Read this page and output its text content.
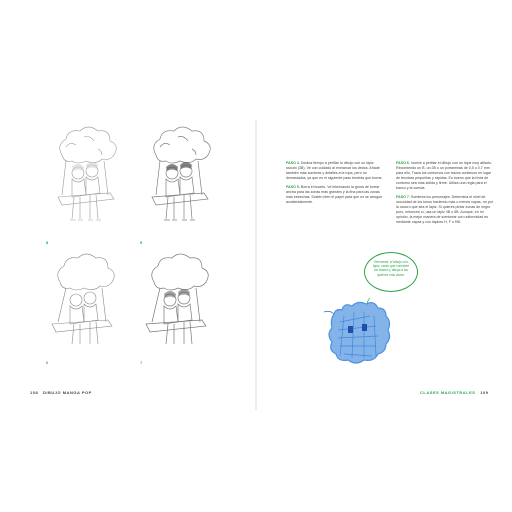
8	9
6	7

PASO 4. Dedica tiempo a perfilar tu dibujo con un lápiz oscuro (3B). Ve con cuidado al enmarcar los dedos. Añade también más sombras y detalles a la ropa, pero no demasiados, ya que en el siguiente paso tendrás que borrar.

PASO 5. Borra el boceto. Ve intensando la goma de borrar ancha para las zonas más grandes y la fina para las zonas más estrechas. Sostén bien el papel para que no se arrugue accidentalmente.

PASO 6. Vuelve a perfilar el dibujo con un lápiz muy afilado. Recomiendo un B, un 2B o un portaminas de 0,5 o 0,7 mm para ello. Traza los contornos con trazos continuos en lugar de tecnicas pequeñas y rápidas. Es bueno que la línea de contorno sea más sólida y firme. Utiliza una regla para el banco y la cuerda.

PASO 7. Sombrea los personajes. Determina el nivel de oscuridad de los tonos haciendo más o menos capas, no por la oscuro que sea el lápiz. Si quieres pintar zonas de negro puro, entonces sí, usa un lápiz 4B o 5B. Aunque, en mi opinión, la mejor manera de sombrear con uniformidad es mediante capas y con lápices H, F o HB.

Recuerda: el dibujo con lápiz, verás que convierte los brazos y dibuja a las quienes más duras.
108 DIBUJO MANGA POP	CLASES MAGISTRALES 109
